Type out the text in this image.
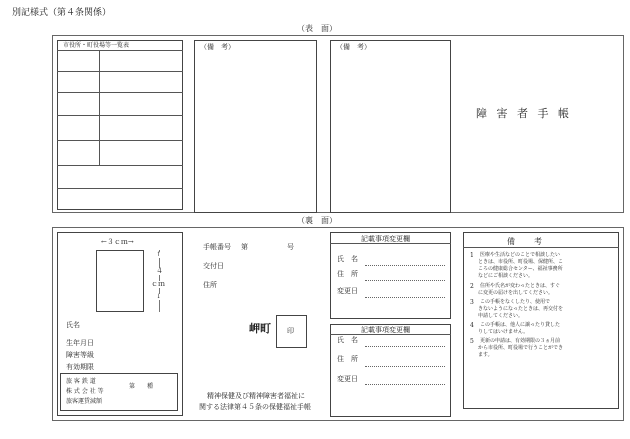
別記様式（第４条関係）
（表　面）
市役所・町役場等一覧表	（備　考）	（備　考）
障 害 者 手 帳
（裏　面）
←３ｃｍ→
↑
４
ｃｍ
↓
氏名
生年月日
障害等級
有効期限
旅 客 鉄 道
株 式 会 社 等
旅客運賃減額
第　　種
手帳番号 第	号
交付日
住所
岬町 印
精神保健及び精神障害者福祉に
関する法律第４５条の保健福祉手帳
記載事項変更欄
氏　名
住　所
変更日
記載事項変更欄
氏　名
住　所
変更日
備　　考
1 医療や生活などのことで相談したい
ときは、市役所、町役場、保健所、こ
ころの健康総合センター、福祉事務所
などにご相談ください。
2 住所や氏名が変わったときは、すぐ
に変更の届けを出してください。
3 この手帳をなくしたり、使用で
きないようになったときは、再交付を
申請してください。
4 この手帳は、他人に譲ったり貸した
りしてはいけません。
5 更新の申請は、有効期限の３ヵ月前
から市役所、町役場で行うことができ
ます。
